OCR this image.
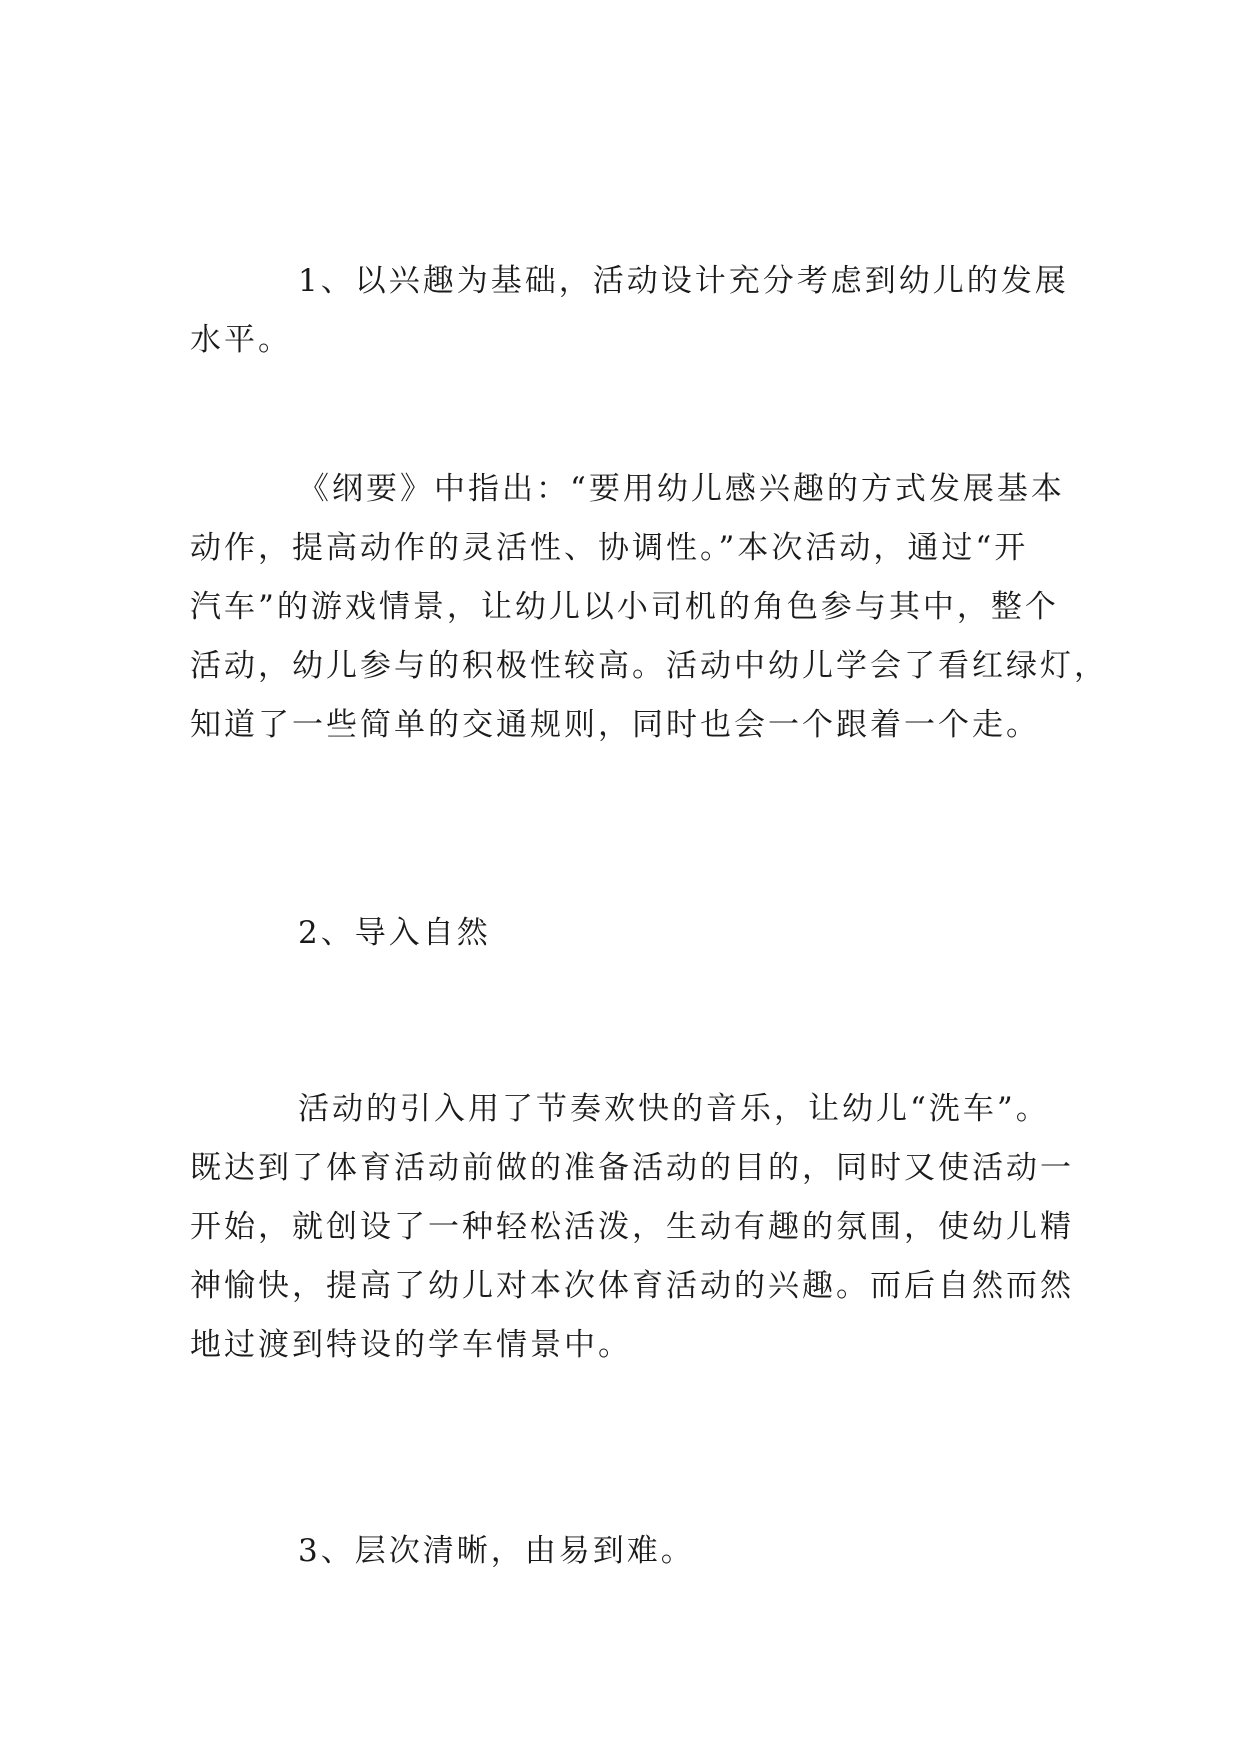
1、以兴趣为基础，活动设计充分考虑到幼儿的发展
水平。

《纲要》中指出：“要用幼儿感兴趣的方式发展基本
动作，提高动作的灵活性、协调性。”本次活动，通过“开
汽车”的游戏情景，让幼儿以小司机的角色参与其中，整个
活动，幼儿参与的积极性较高。活动中幼儿学会了看红绿灯，
知道了一些简单的交通规则，同时也会一个跟着一个走。

2、导入自然

活动的引入用了节奏欢快的音乐，让幼儿“洗车”。
既达到了体育活动前做的准备活动的目的，同时又使活动一
开始，就创设了一种轻松活泼，生动有趣的氛围，使幼儿精
神愉快，提高了幼儿对本次体育活动的兴趣。而后自然而然
地过渡到特设的学车情景中。

3、层次清晰，由易到难。
